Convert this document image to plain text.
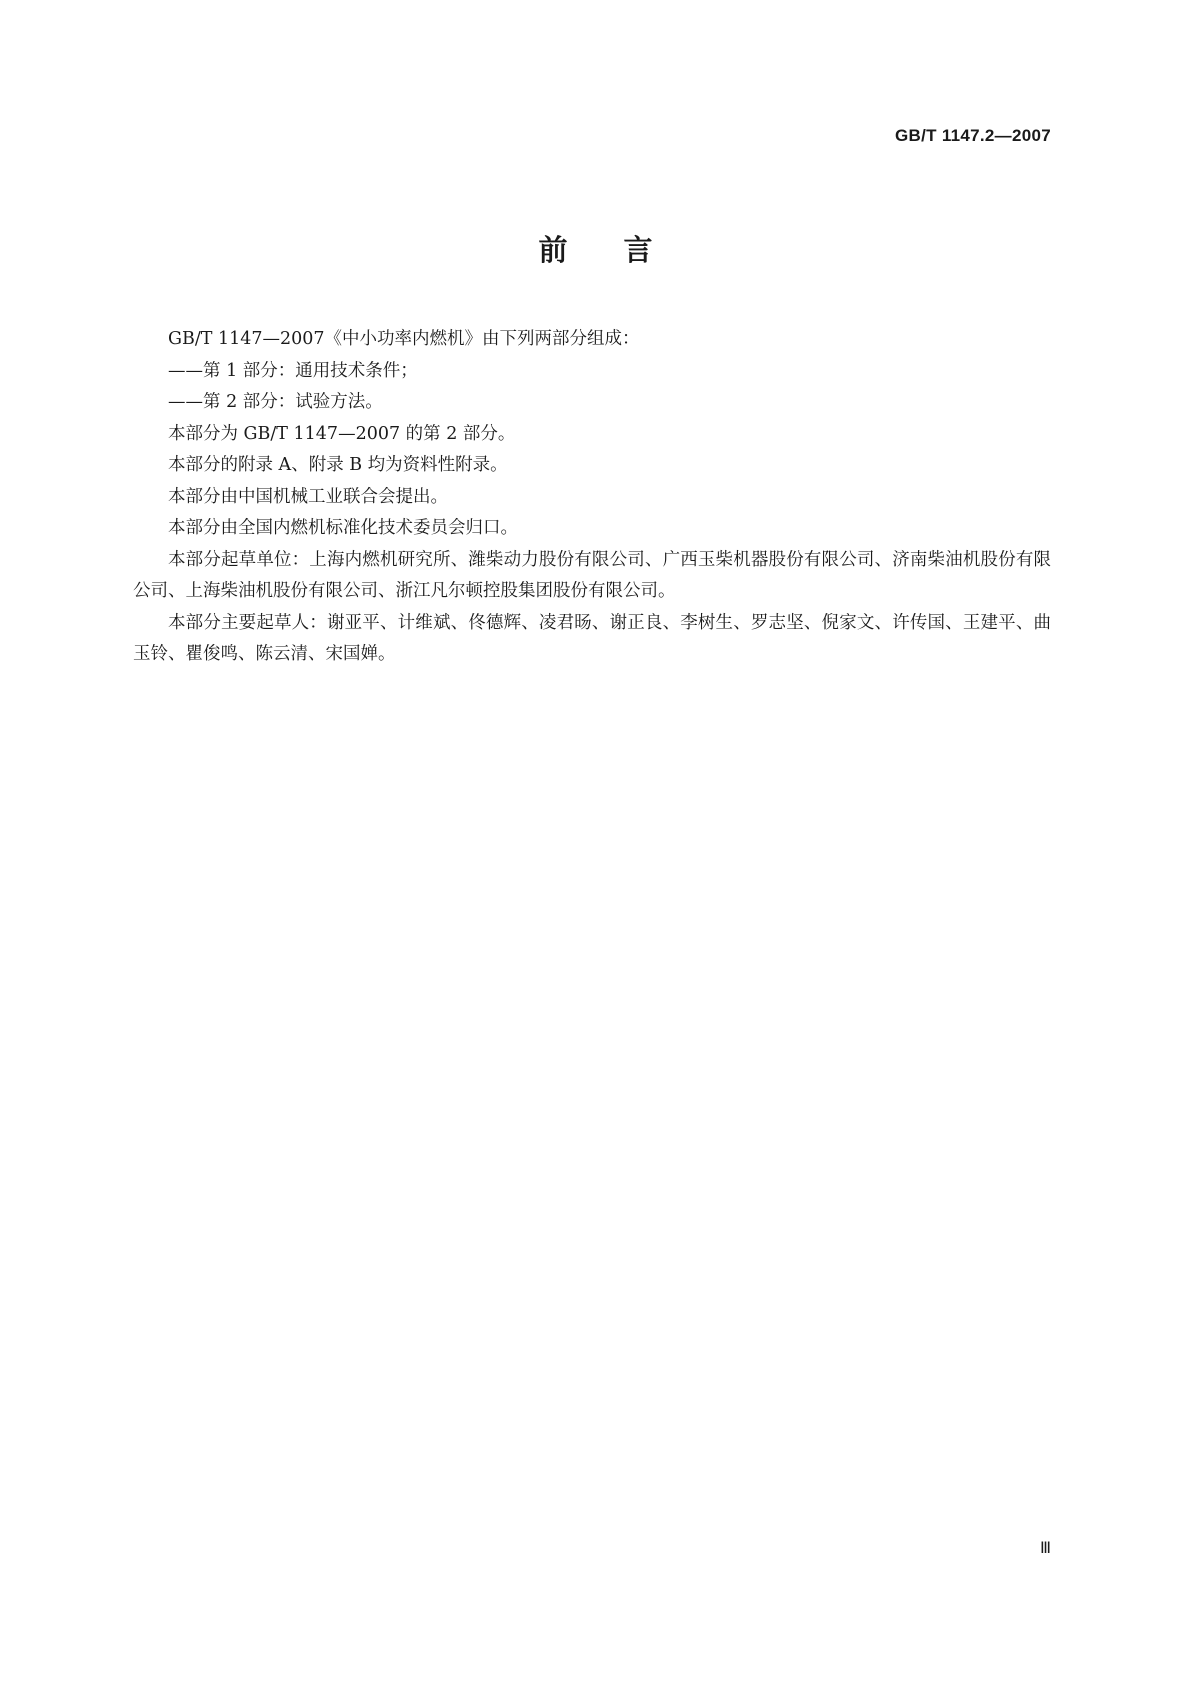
GB/T 1147.2—2007
前言

GB/T 1147—2007《中小功率内燃机》由下列两部分组成：

——第 1 部分：通用技术条件；

——第 2 部分：试验方法。

本部分为 GB/T 1147—2007 的第 2 部分。

本部分的附录 A、附录 B 均为资料性附录。

本部分由中国机械工业联合会提出。

本部分由全国内燃机标准化技术委员会归口。

本部分起草单位：上海内燃机研究所、潍柴动力股份有限公司、广西玉柴机器股份有限公司、济南柴油机股份有限公司、上海柴油机股份有限公司、浙江凡尔顿控股集团股份有限公司。

本部分主要起草人：谢亚平、计维斌、佟德辉、凌君旸、谢正良、李树生、罗志坚、倪家文、许传国、王建平、曲玉铃、瞿俊鸣、陈云清、宋国婵。

Ⅲ
